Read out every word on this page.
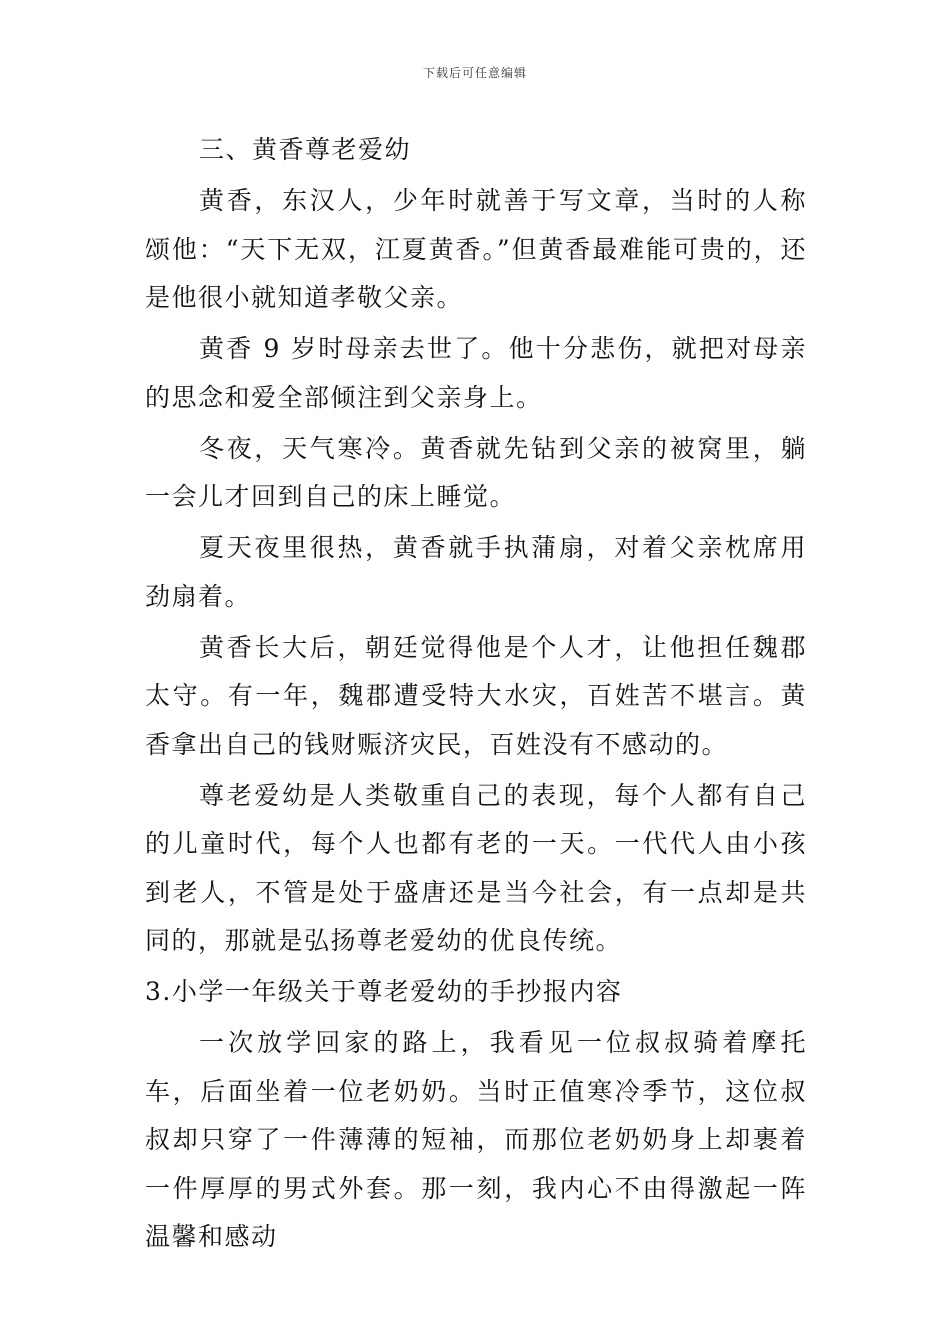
下载后可任意编辑

三、黄香尊老爱幼

黄香，东汉人，少年时就善于写文章，当时的人称颂他：“天下无双，江夏黄香。”但黄香最难能可贵的，还是他很小就知道孝敬父亲。

黄香 9 岁时母亲去世了。他十分悲伤，就把对母亲的思念和爱全部倾注到父亲身上。

冬夜，天气寒冷。黄香就先钻到父亲的被窝里，躺一会儿才回到自己的床上睡觉。

夏天夜里很热，黄香就手执蒲扇，对着父亲枕席用劲扇着。

黄香长大后，朝廷觉得他是个人才，让他担任魏郡太守。有一年，魏郡遭受特大水灾，百姓苦不堪言。黄香拿出自己的钱财赈济灾民，百姓没有不感动的。

尊老爱幼是人类敬重自己的表现，每个人都有自己的儿童时代，每个人也都有老的一天。一代代人由小孩到老人，不管是处于盛唐还是当今社会，有一点却是共同的，那就是弘扬尊老爱幼的优良传统。

3.小学一年级关于尊老爱幼的手抄报内容

一次放学回家的路上，我看见一位叔叔骑着摩托车，后面坐着一位老奶奶。当时正值寒冷季节，这位叔叔却只穿了一件薄薄的短袖，而那位老奶奶身上却裹着一件厚厚的男式外套。那一刻，我内心不由得激起一阵温馨和感动
